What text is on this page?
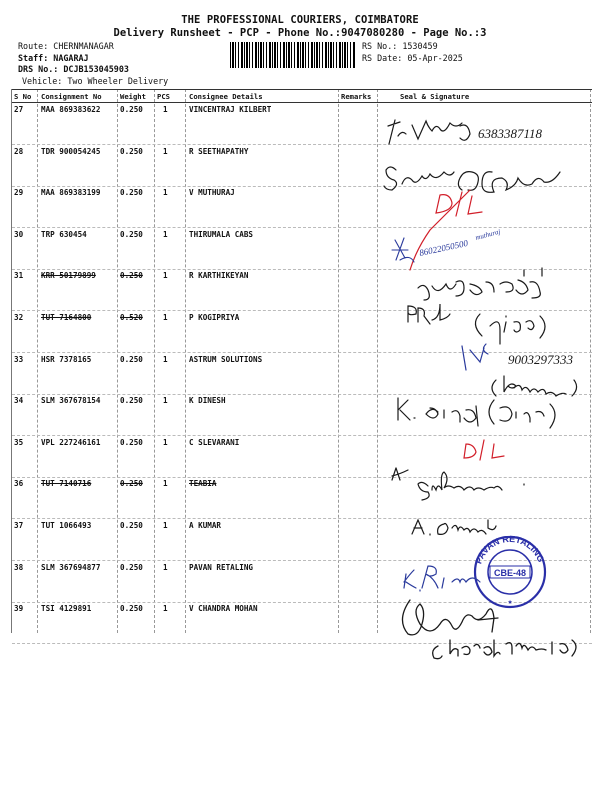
THE PROFESSIONAL COURIERS, COIMBATORE
Delivery Runsheet - PCP - Phone No.:9047080280 - Page No.:3
Route: CHERNMANAGAR
Staff: NAGARAJ
DRS No.: DCJB153045903
Vehicle: Two Wheeler Delivery
RS No.: 1530459
RS Date: 05-Apr-2025
S No Consignment No	Weight PCS	Consignee Details	Remarks	Seal & Signature
27 MAA 869383622	0.250	1	VINCENTRAJ KILBERT
28 TDR 900054245	0.250	1	R SEETHAPATHY
29 MAA 869383199	0.250	1	V MUTHURAJ
30 TRP 630454	0.250	1	THIRUMALA CABS
31 KRR 50179899	0.250	1	R KARTHIKEYAN
32 TUT 7164800	0.520	1	P KOGIPRIYA
33 HSR 7378165	0.250	1	ASTRUM SOLUTIONS
34 SLM 367678154	0.250	1	K DINESH
35 VPL 227246161	0.250	1	C SLEVARANI
36 TUT 7140716	0.250	1	TEABIA
37 TUT 1066493	0.250	1	A KUMAR
38 SLM 367694877	0.250	1	PAVAN RETALING
39 TSI 4129891	0.250	1	V CHANDRA MOHAN
6383387118
86022050500
muthuraj
9003297333
PAVAN RETALING
CBE-48
★
